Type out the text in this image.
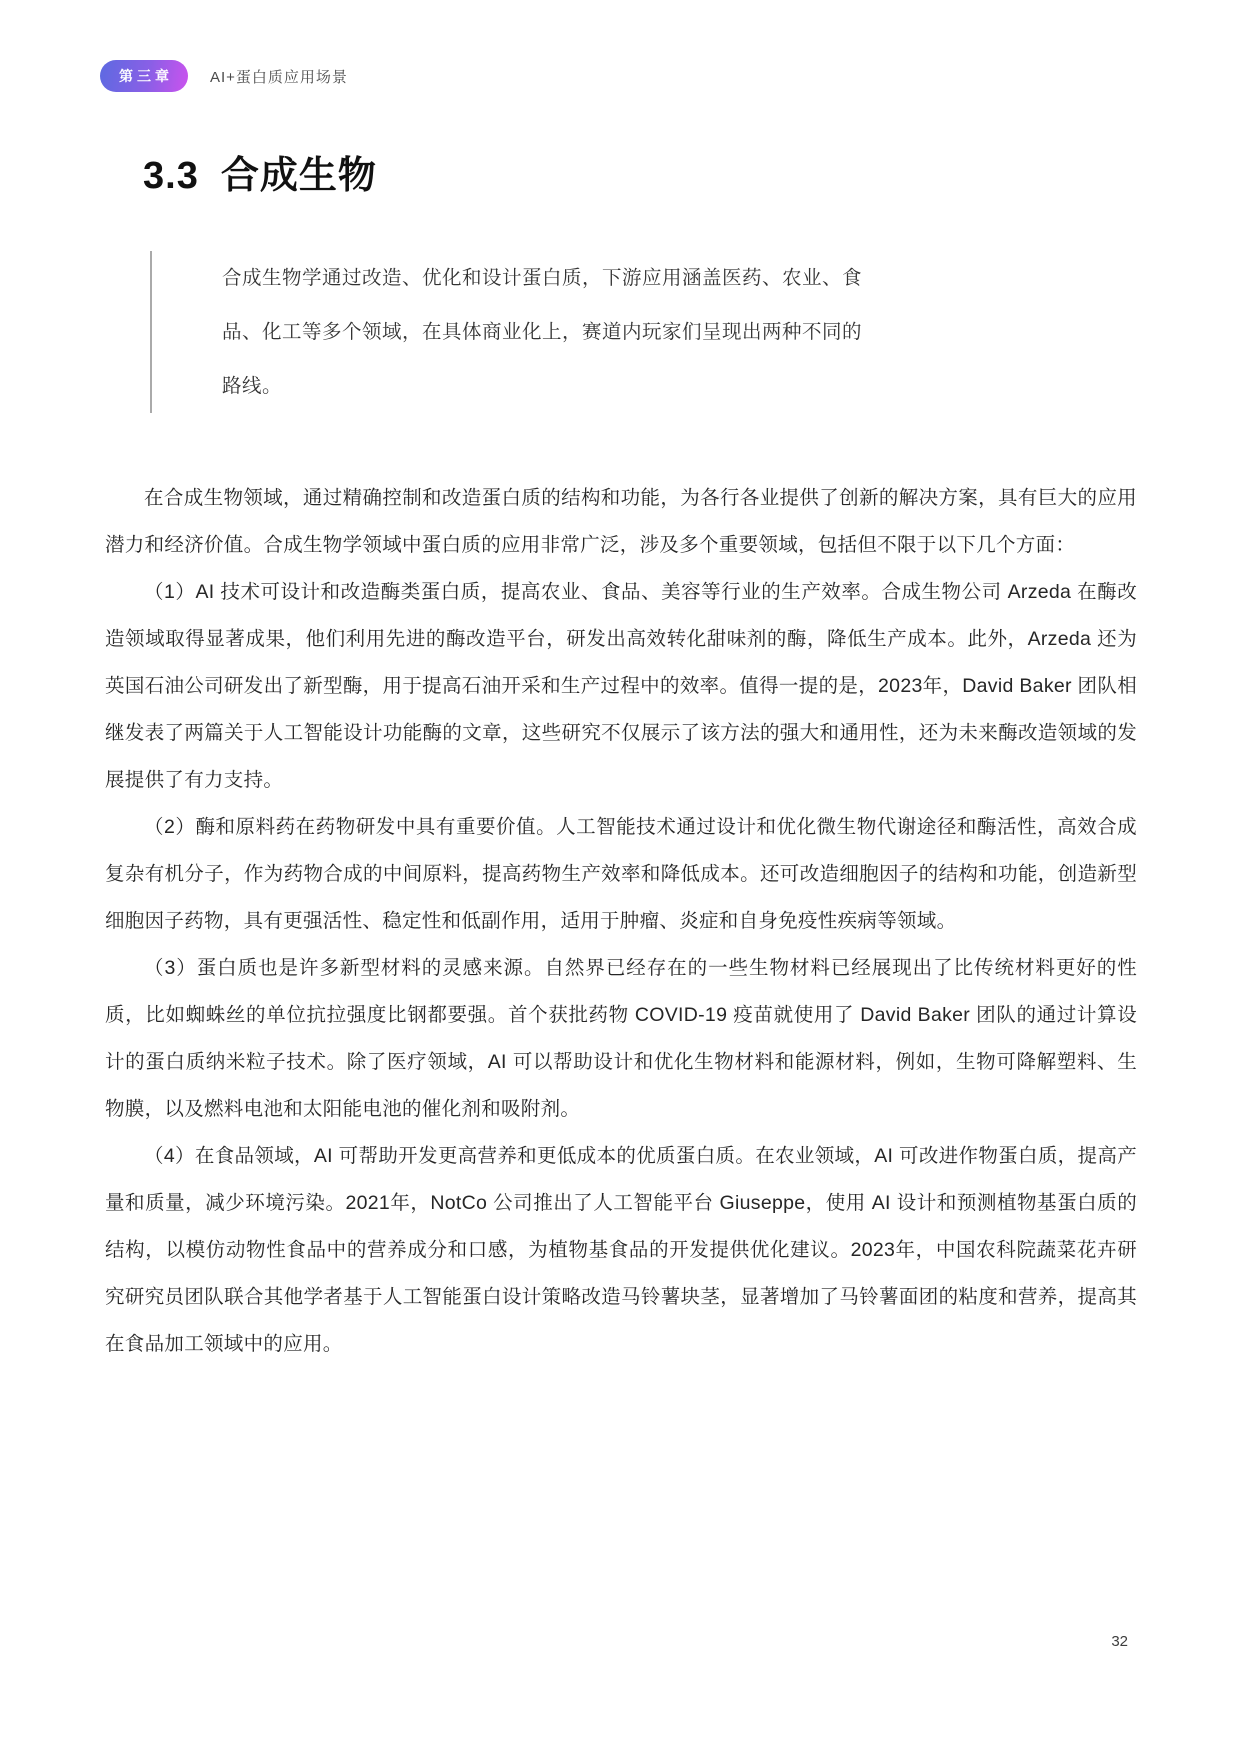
第三章	AI+蛋白质应用场景
3.3 合成生物

合成生物学通过改造、优化和设计蛋白质，下游应用涵盖医药、农业、食品、化工等多个领域，在具体商业化上，赛道内玩家们呈现出两种不同的路线。

在合成生物领域，通过精确控制和改造蛋白质的结构和功能，为各行各业提供了创新的解决方案，具有巨大的应用潜力和经济价值。合成生物学领域中蛋白质的应用非常广泛，涉及多个重要领域，包括但不限于以下几个方面：

（1）AI 技术可设计和改造酶类蛋白质，提高农业、食品、美容等行业的生产效率。合成生物公司 Arzeda 在酶改造领域取得显著成果，他们利用先进的酶改造平台，研发出高效转化甜味剂的酶，降低生产成本。此外，Arzeda 还为英国石油公司研发出了新型酶，用于提高石油开采和生产过程中的效率。值得一提的是，2023年，David Baker 团队相继发表了两篇关于人工智能设计功能酶的文章，这些研究不仅展示了该方法的强大和通用性，还为未来酶改造领域的发展提供了有力支持。

（2）酶和原料药在药物研发中具有重要价值。人工智能技术通过设计和优化微生物代谢途径和酶活性，高效合成复杂有机分子，作为药物合成的中间原料，提高药物生产效率和降低成本。还可改造细胞因子的结构和功能，创造新型细胞因子药物，具有更强活性、稳定性和低副作用，适用于肿瘤、炎症和自身免疫性疾病等领域。

（3）蛋白质也是许多新型材料的灵感来源。自然界已经存在的一些生物材料已经展现出了比传统材料更好的性质，比如蜘蛛丝的单位抗拉强度比钢都要强。首个获批药物 COVID-19 疫苗就使用了 David Baker 团队的通过计算设计的蛋白质纳米粒子技术。除了医疗领域，AI 可以帮助设计和优化生物材料和能源材料，例如，生物可降解塑料、生物膜，以及燃料电池和太阳能电池的催化剂和吸附剂。

（4）在食品领域，AI 可帮助开发更高营养和更低成本的优质蛋白质。在农业领域，AI 可改进作物蛋白质，提高产量和质量，减少环境污染。2021年，NotCo 公司推出了人工智能平台 Giuseppe，使用 AI 设计和预测植物基蛋白质的结构，以模仿动物性食品中的营养成分和口感，为植物基食品的开发提供优化建议。2023年，中国农科院蔬菜花卉研究研究员团队联合其他学者基于人工智能蛋白设计策略改造马铃薯块茎，显著增加了马铃薯面团的粘度和营养，提高其在食品加工领域中的应用。

32
